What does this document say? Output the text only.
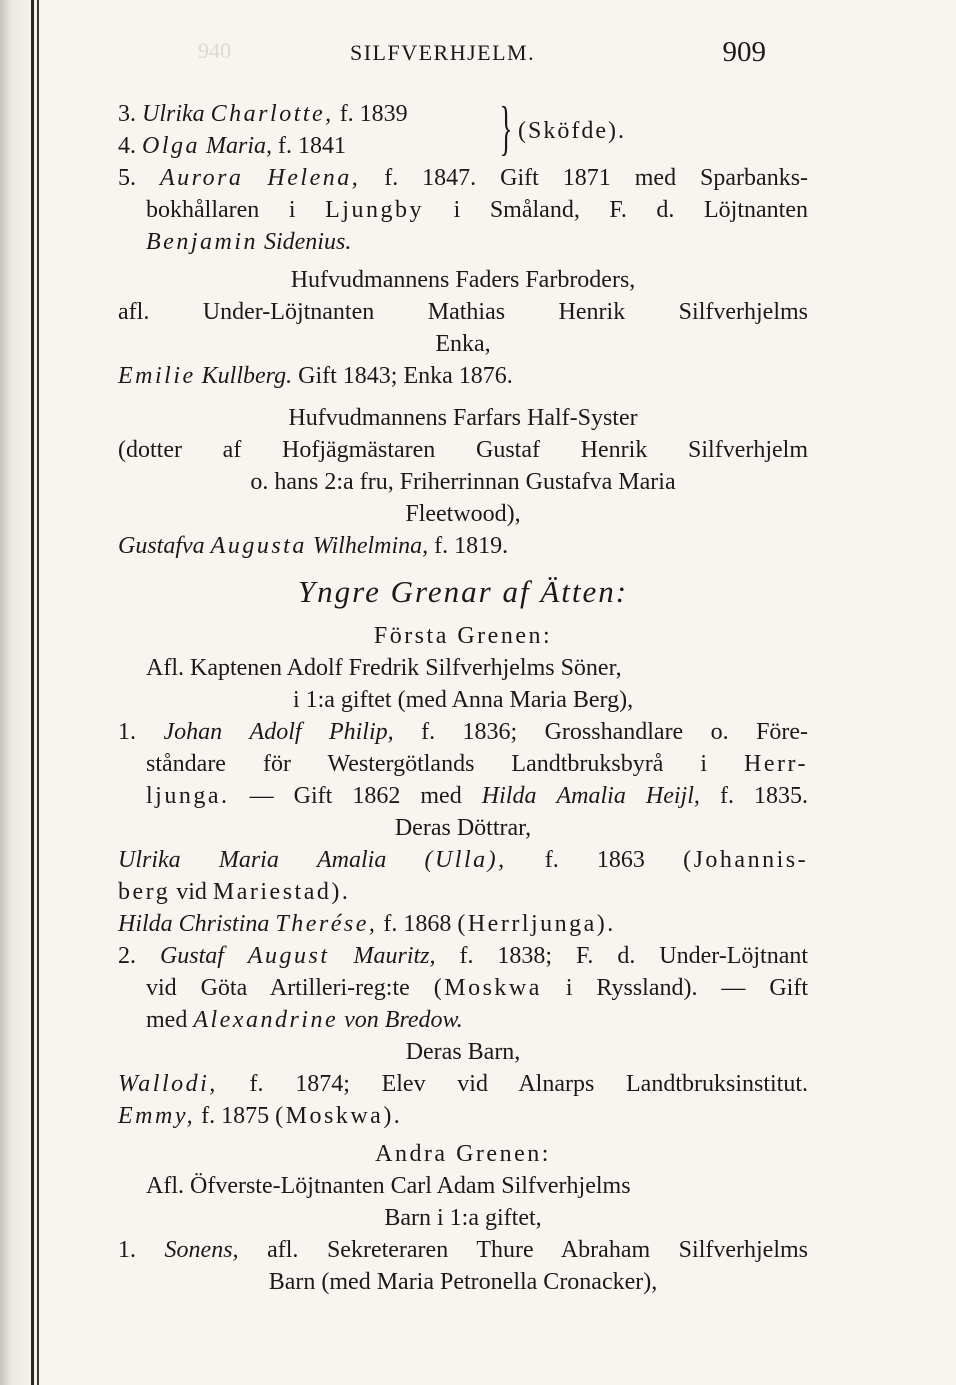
940	SILFVERHJELM.	909
3. Ulrika Charlotte, f. 1839
4. Olga Maria, f. 1841	} (Sköfde).
5. Aurora Helena, f. 1847. Gift 1871 med Sparbanks-
bokhållaren i Ljungby i Småland, F. d. Löjtnanten
Benjamin Sidenius.
Hufvudmannens Faders Farbroders,
afl. Under-Löjtnanten Mathias Henrik Silfverhjelms
Enka,
Emilie Kullberg. Gift 1843; Enka 1876.
Hufvudmannens Farfars Half-Syster
(dotter af Hofjägmästaren Gustaf Henrik Silfverhjelm
o. hans 2:a fru, Friherrinnan Gustafva Maria
Fleetwood),
Gustafva Augusta Wilhelmina, f. 1819.
Yngre Grenar af Ätten:
Första Grenen:
Afl. Kaptenen Adolf Fredrik Silfverhjelms Söner,
i 1:a giftet (med Anna Maria Berg),
1. Johan Adolf Philip, f. 1836; Grosshandlare o. Före-
ståndare för Westergötlands Landtbruksbyrå i Herr-
ljunga. — Gift 1862 med Hilda Amalia Heijl, f. 1835.
Deras Döttrar,
Ulrika Maria Amalia (Ulla), f. 1863 (Johannis-
berg vid Mariestad).
Hilda Christina Therése, f. 1868 (Herrljunga).
2. Gustaf August Mauritz, f. 1838; F. d. Under-Löjtnant
vid Göta Artilleri-reg:te (Moskwa i Ryssland). — Gift
med Alexandrine von Bredow.
Deras Barn,
Wallodi, f. 1874; Elev vid Alnarps Landtbruksinstitut.
Emmy, f. 1875 (Moskwa).
Andra Grenen:
Afl. Öfverste-Löjtnanten Carl Adam Silfverhjelms
Barn i 1:a giftet,
1. Sonens, afl. Sekreteraren Thure Abraham Silfverhjelms
Barn (med Maria Petronella Cronacker),
